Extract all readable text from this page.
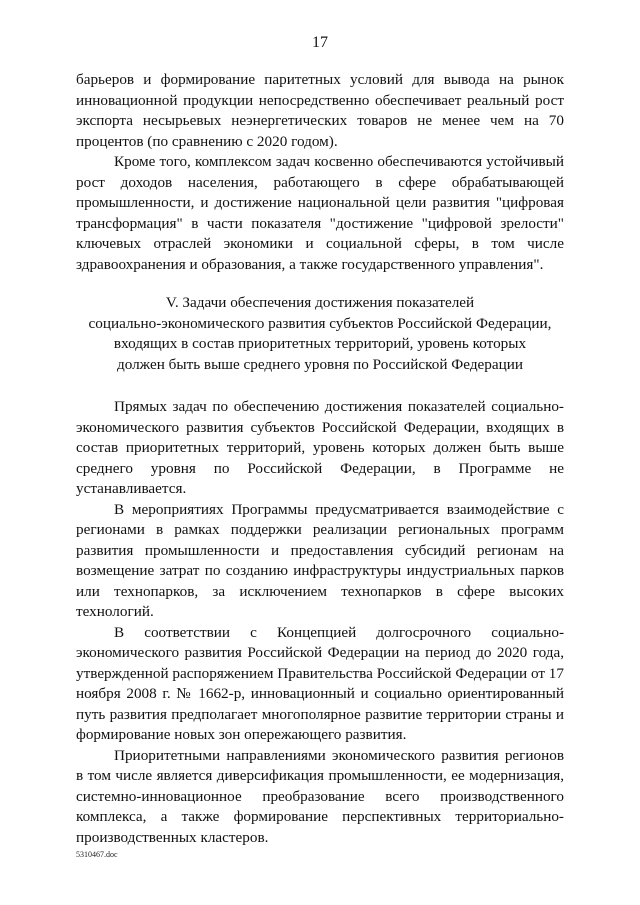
17

барьеров и формирование паритетных условий для вывода на рынок инновационной продукции непосредственно обеспечивает реальный рост экспорта несырьевых неэнергетических товаров не менее чем на 70 процентов (по сравнению с 2020 годом).

Кроме того, комплексом задач косвенно обеспечиваются устойчивый рост доходов населения, работающего в сфере обрабатывающей промышленности, и достижение национальной цели развития "цифровая трансформация" в части показателя "достижение "цифровой зрелости" ключевых отраслей экономики и социальной сферы, в том числе здравоохранения и образования, а также государственного управления".

V. Задачи обеспечения достижения показателей
социально-экономического развития субъектов Российской Федерации,
входящих в состав приоритетных территорий, уровень которых
должен быть выше среднего уровня по Российской Федерации

Прямых задач по обеспечению достижения показателей социально-экономического развития субъектов Российской Федерации, входящих в состав приоритетных территорий, уровень которых должен быть выше среднего уровня по Российской Федерации, в Программе не устанавливается.

В мероприятиях Программы предусматривается взаимодействие с регионами в рамках поддержки реализации региональных программ развития промышленности и предоставления субсидий регионам на возмещение затрат по созданию инфраструктуры индустриальных парков или технопарков, за исключением технопарков в сфере высоких технологий.

В соответствии с Концепцией долгосрочного социально-экономического развития Российской Федерации на период до 2020 года, утвержденной распоряжением Правительства Российской Федерации от 17 ноября 2008 г. № 1662-р, инновационный и социально ориентированный путь развития предполагает многополярное развитие территории страны и формирование новых зон опережающего развития.

Приоритетными направлениями экономического развития регионов в том числе является диверсификация промышленности, ее модернизация, системно-инновационное преобразование всего производственного комплекса, а также формирование перспективных территориально-производственных кластеров.

5310467.doc
